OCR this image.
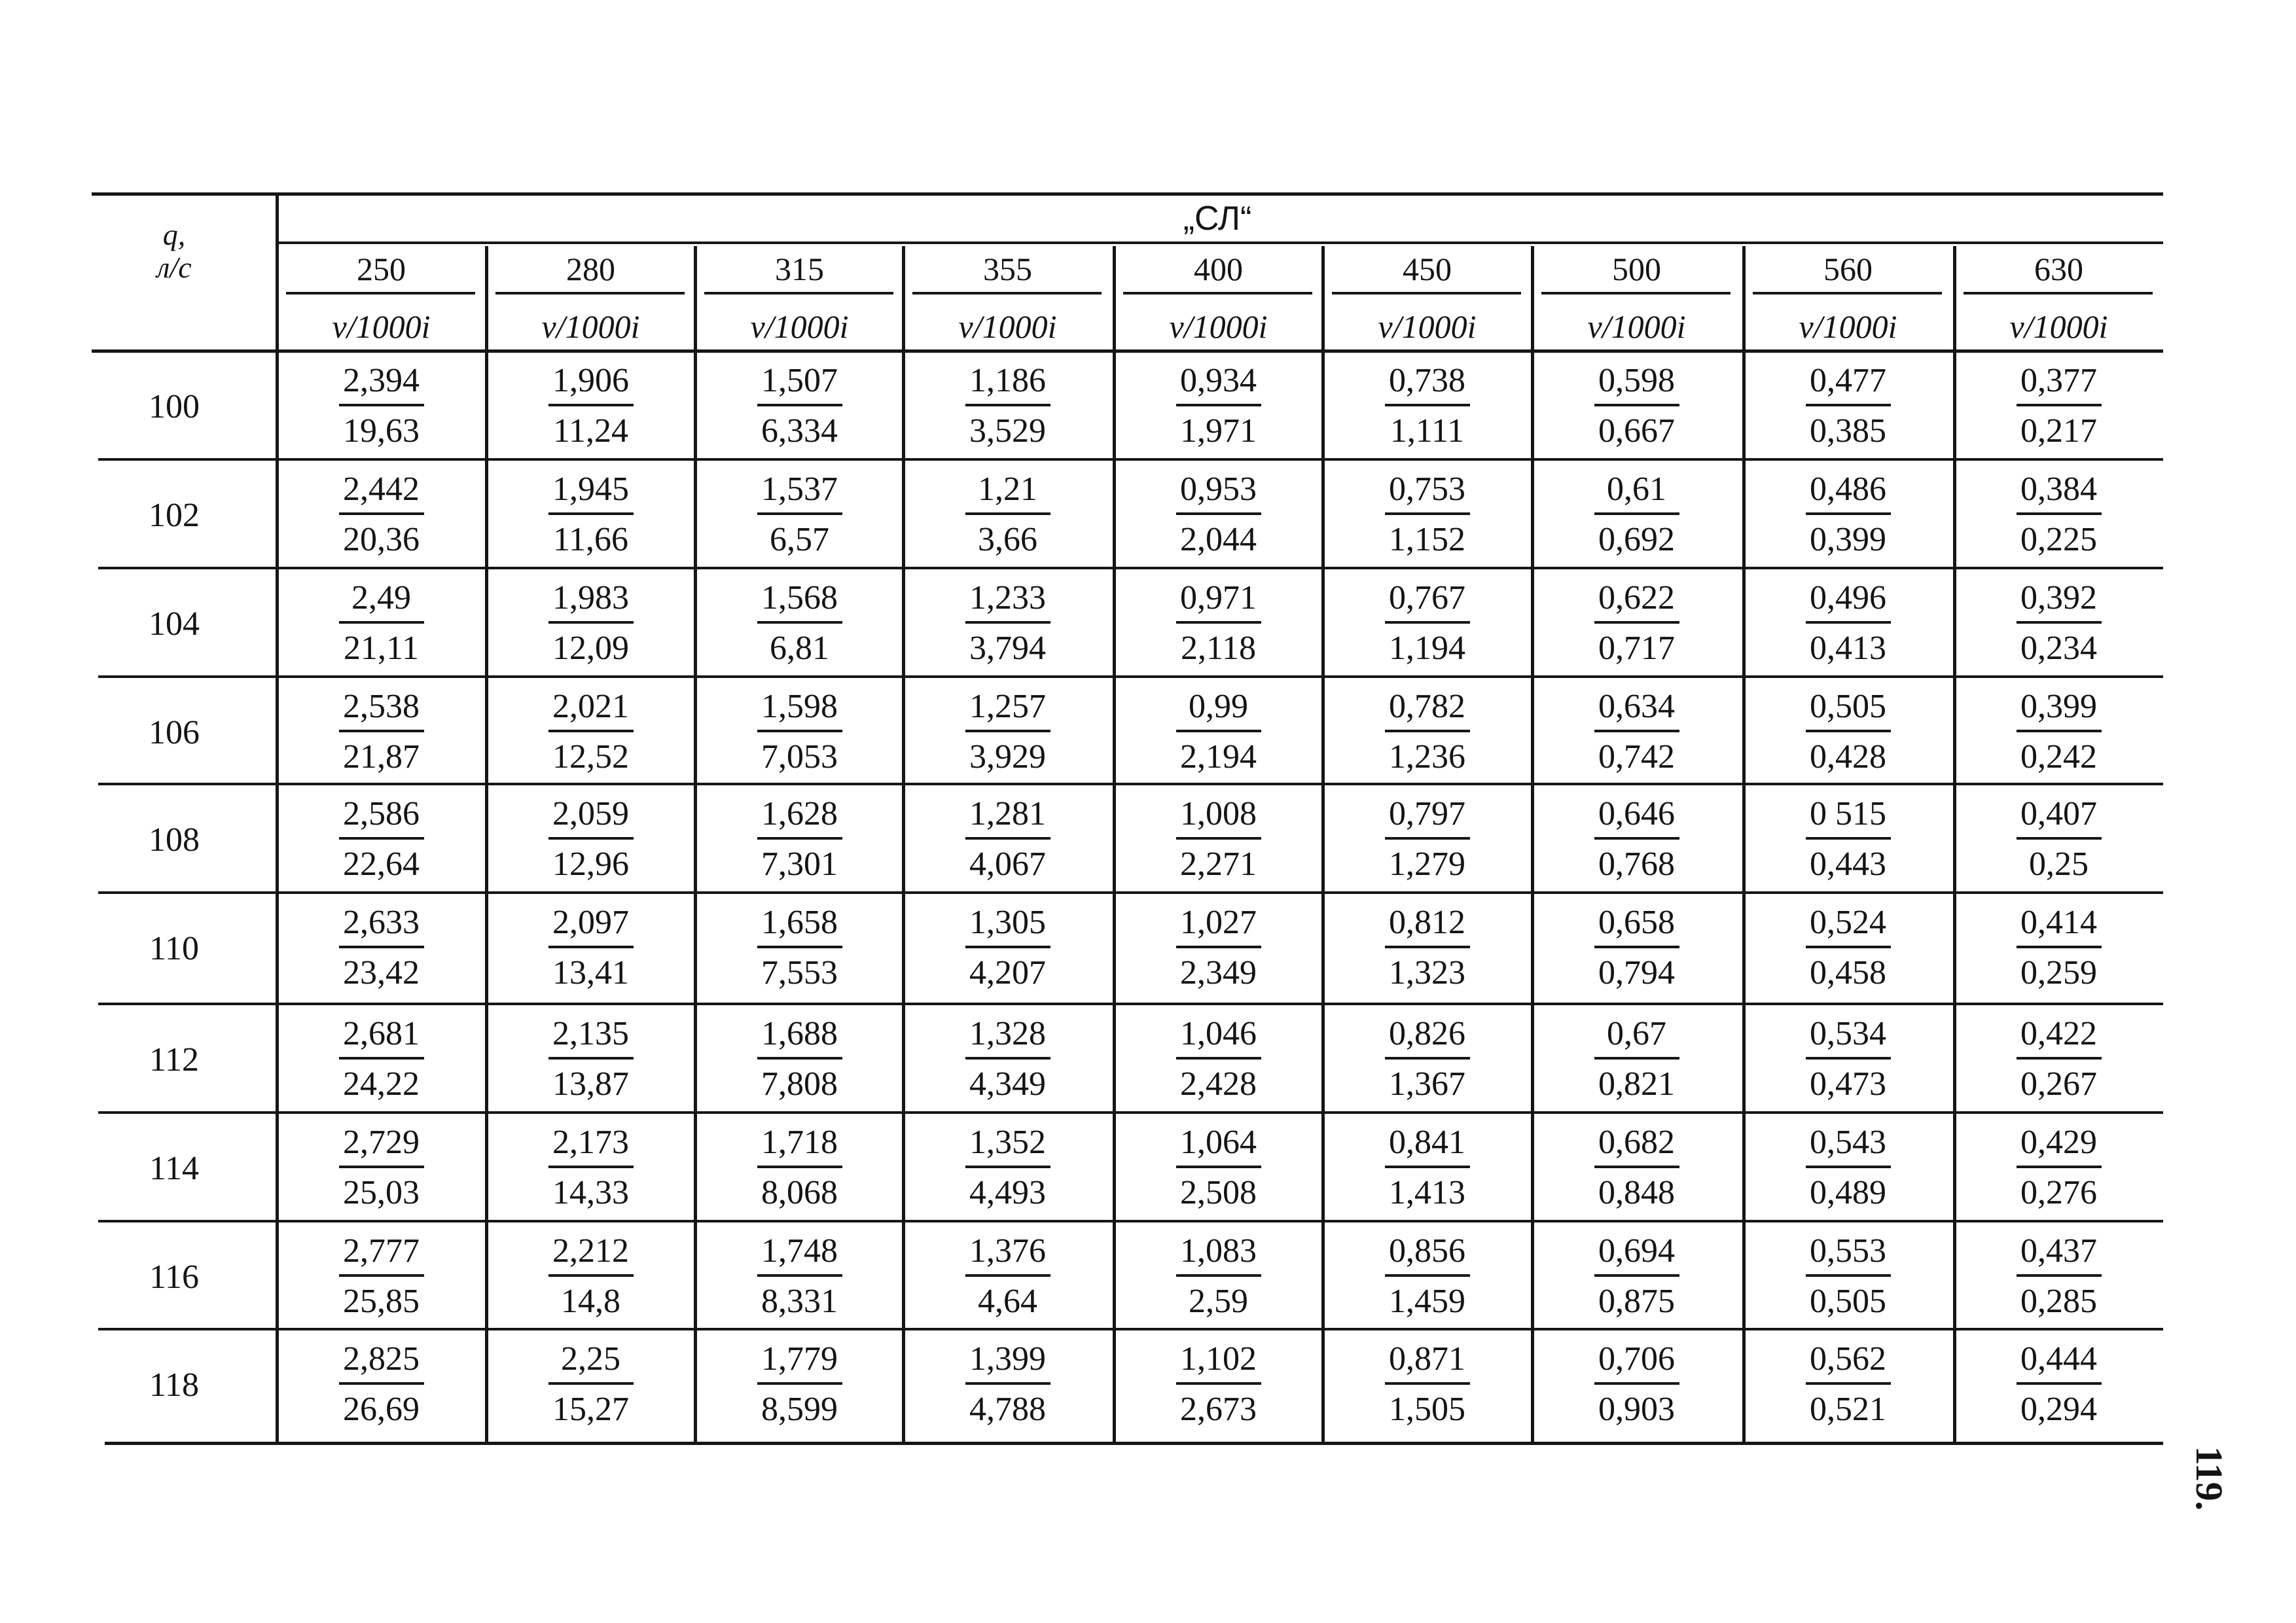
q,
л/с
„СЛ“
250
v/1000i
280
v/1000i
315
v/1000i
355
v/1000i
400
v/1000i
450
v/1000i
500
v/1000i
560
v/1000i
630
v/1000i
100
2,394
19,63
1,906
11,24
1,507
6,334
1,186
3,529
0,934
1,971
0,738
1,111
0,598
0,667
0,477
0,385
0,377
0,217
102
2,442
20,36
1,945
11,66
1,537
6,57
1,21
3,66
0,953
2,044
0,753
1,152
0,61
0,692
0,486
0,399
0,384
0,225
104
2,49
21,11
1,983
12,09
1,568
6,81
1,233
3,794
0,971
2,118
0,767
1,194
0,622
0,717
0,496
0,413
0,392
0,234
106
2,538
21,87
2,021
12,52
1,598
7,053
1,257
3,929
0,99
2,194
0,782
1,236
0,634
0,742
0,505
0,428
0,399
0,242
108
2,586
22,64
2,059
12,96
1,628
7,301
1,281
4,067
1,008
2,271
0,797
1,279
0,646
0,768
0 515
0,443
0,407
0,25
110
2,633
23,42
2,097
13,41
1,658
7,553
1,305
4,207
1,027
2,349
0,812
1,323
0,658
0,794
0,524
0,458
0,414
0,259
112
2,681
24,22
2,135
13,87
1,688
7,808
1,328
4,349
1,046
2,428
0,826
1,367
0,67
0,821
0,534
0,473
0,422
0,267
114
2,729
25,03
2,173
14,33
1,718
8,068
1,352
4,493
1,064
2,508
0,841
1,413
0,682
0,848
0,543
0,489
0,429
0,276
116
2,777
25,85
2,212
14,8
1,748
8,331
1,376
4,64
1,083
2,59
0,856
1,459
0,694
0,875
0,553
0,505
0,437
0,285
118
2,825
26,69
2,25
15,27
1,779
8,599
1,399
4,788
1,102
2,673
0,871
1,505
0,706
0,903
0,562
0,521
0,444
0,294
119.
